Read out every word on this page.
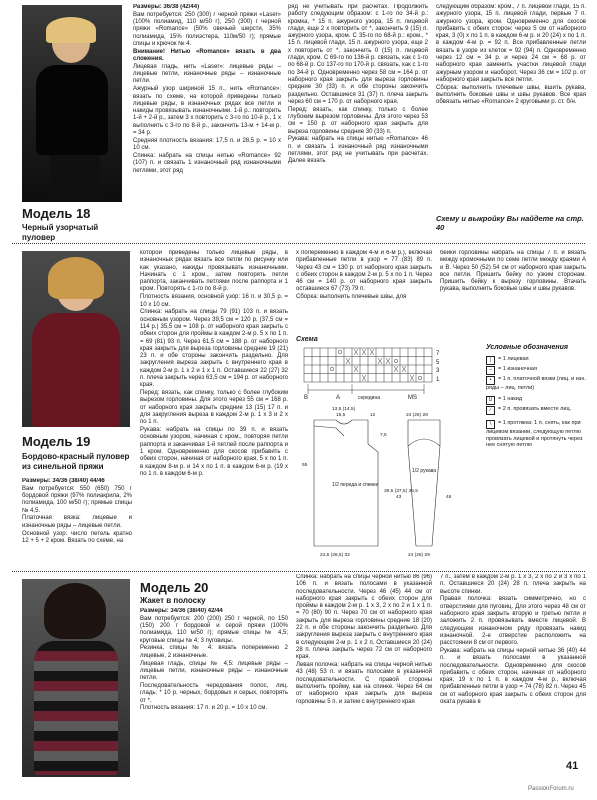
Модель 18
Черный узорчатый пуловер

Размеры: 36/38 (42/44)

Вам потребуется: 250 (300) г черной пряжи «Laser» (100% полиамид, 110 м/50 г), 250 (300) г черной пряжи «Romance» (50% овечьей шерсти, 35% полиамида, 15% полиэстера, 110м/50 г); прямые спицы и крючок № 4.

Внимание! Нитью «Romance» вязать в два сложения.

Лицевая гладь, нить «Laser»: лицевые ряды – лицевые петли, изнаночные ряды – изнаночные петли.

Ажурный узор шириной 15 п., нить «Romance»: вязать по схеме, на которой приведены только лицевые ряды, в изнаночных рядах все петли и накиды провязывать изнаночными. 1-й р.: повторить 1-й + 2-й р., затем 3 х повторить с 3-го по 10-й р., 1 х выполнить с 3-го по 8-й р., закончить 13-м + 14-м р. = 34 р.

Средняя плотность вязания: 17,5 п. и 28,5 р. = 10 х 10 см.

Спинка: набрать на спицы нитью «Romance» 92 (107) п. и связать 1 изнаночный ряд изнаночными петлями, этот ряд

ряд не учитывать при расчетах. Продолжить работу следующим образом: с 1-го по 34-й р.: кромка, * 15 п. ажурного узора, 15 п. лицевой глади, еще 2 х повторить от *, закончить 9 (15) п. ажурного узора, кром. С 35-го по 68-й р.: кром., * 15 п. лицевой глади, 15 п. ажурного узора, еще 2 х повторить от *, закончить 0 (15) п. лицевой глади, кром. С 69-го по 136-й р. связать, как с 1-го по 68-й р. Со 137-го по 170-й р. связать, как с 1-го по 34-й р. Одновременно через 58 см = 164 р. от наборного края закрыть для выреза горловины средние 30 (33) п. и обе стороны закончить раздельно. Оставшиеся 31 (37) п. плеча закрыть через 60 см = 170 р. от наборного края.

Перед: вязать, как спинку, только с более глубоким вырезом горловины. Для этого через 53 см = 150 р. от наборного края закрыть для выреза горловины средние 30 (33) п.

Рукава: набрать на спицы нитью «Romance» 46 п. и связать 1 изнаночный ряд изнаночными петлями, этот ряд не учитывать при расчетах. Далее вязать

следующим образом: кром., 7 п. лицевой глади, 15 п. ажурного узора, 15 п. лицевой глади, первые 7 п. ажурного узора, кром. Одновременно для скосов прибавить с обеих сторон: через 5 см от наборного края, 3 (0) х по 1 п. в каждом 6-м р. и 20 (24) х по 1 п. в каждом 4-м р. = 92 п. Все прибавленные петли вязать в узоре из клеток = 92 (94) п. Одновременно через 12 см = 34 р. и через 24 см = 68 р. от наборного края заменить участки лицевой глади ажурным узором и наоборот. Через 36 см = 102 р. от наборного края закрыть все петли.

Сборка: выполнить плечевые швы, вшить рукава, выполнить боковые швы и швы рукавов. Все края обвязать нитью «Romance» 2 круговыми р. ст. б/н.

Схему и выкройку Вы найдете на стр. 40
Модель 19
Бордово-красный пуловер из синельной пряжи

Размеры: 34/36 (38/40) 44/46

Вам потребуется: 550 (650) 750 г бордовой пряжи (97% полиакрила, 2% полиамида, 100 м/50 г); прямые спицы № 4,5.

Платочная вязка: лицевые и изнаночные ряды – лицевые петли.

Основной узор: число петель кратно 12 + 5 + 2 кром. Вязать по схеме, на

которой приведены только лицевые ряды, в изнаночных рядах вязать все петли по рисунку или как указано, накиды провязывать изнаночными. Начинать с 1 кром., затем повторять петли раппорта, заканчивать петлями после раппорта и 1 кром. Повторять с 1-го по 8-й р.

Плотность вязания, основной узор: 16 п. и 30,5 р. = 10 х 10 см.

Спинка: набрать на спицы 79 (91) 103 п. и вязать основным узором. Через 39,5 см = 120 р. (37,5 см = 114 р.) 35,5 см = 108 р. от наборного края закрыть с обеих сторон для проймы в каждом 2-м р. 5 х по 1 п. = 69 (81) 93 п. Через 61,5 см = 188 р. от наборного края закрыть для выреза горловины средние 19 (21) 23 п. и обе стороны закончить раздельно. Для закругления выреза закрыть с внутреннего края в каждом 2-м р. 1 х 2 и 1 х 1 п. Оставшиеся 22 (27) 32 п. плеча закрыть через 63,5 см = 194 р. от наборного края.

Перед: вязать, как спинку, только с более глубоким вырезом горловины. Для этого через 55 см = 168 р. от наборного края закрыть средние 13 (15) 17 п. и для закругления выреза в каждом 2-м р. 1 х 3 и 2 х по 1 п.

Рукава: набрать на спицы по 39 п. и вязать основным узором, начиная с кром., повторяя петли раппорта и заканчивая 1-й петлей после раппорта и 1 кром. Одновременно для скосов прибавить с обеих сторон, начиная от наборного края, 5 х по 1 п. в каждом 8-м р. и 14 х по 1 п. в каждом 6-м р. (19 х по 1 п. в каждом 6-м р.

х попеременно в каждом 4-м и 6-м р.), включая прибавленные петли в узор = 77 (83) 89 п. Через 43 см = 130 р. от наборного края закрыть с обеих сторон в каждом 2-м р. 5 х по 1 п. Через 46 см = 140 р. от наборного края закрыть оставшиеся 67 (73) 79 п.

Сборка: выполнить плечевые швы, для

бейки горловины набрать на спицы 7 п. и вязать между кромочными по семе петли между краями А и В. Через 50 (52) 54 см от наборного края закрыть все петли. Пришить бейку по узким сторонам. Пришить бейку к вырезу горловины. Втачать рукава, выполнить боковые швы и швы рукавов.

Схема
7
5
3
1
B	A	середина	MS
Условные обозначения
| = 1 лицевая
– = 1 изнаночная
• = 1 п. платочной вязки (лиц. и изн. ряды – лиц. петли)
U = 1 накид
∕ = 2 п. провязать вместе лиц.
∖ = 1 протяжка: 1 п. снять, как при лицевом вязании, следующую петлю провязать лицевой и протянуть через нее снятую петлю
13,5 (14,5)
15,5	12
7,5
55
39,5 (37,5) 35,5
43	46
24 (26) 28
24 (26) 28
24,5 (28,5) 32
1/2 переда и спинки
1/2 рукава
Модель 20
Жакет в полоску

Размеры: 34/36 (38/40) 42/44

Вам потребуется: 200 (200) 250 г черной, по 150 (150) 200 г бордовой и серой пряжи (100% полиамида, 110 м/50 г); прямые спицы № 4,5; круговые спицы № 4; 3 пуговицы.

Резинка, спицы № 4: вязать попеременно 2 лицевые, 2 изнаночные.

Лицевая гладь, спицы № 4,5: лицевые ряды – лицевые петли, изнаночные ряды – изнаночные петли.

Последовательность чередования полос, лиц. гладь: * 10 р. черных, бордовых и серых, повторять от *.

Плотность вязания: 17 п. и 20 р. = 10 х 10 см.

Спинка: набрать на спицы черной нитью 86 (96) 106 п. и вязать полосами в указанной последовательности. Через 46 (45) 44 см от наборного края закрыть с обеих сторон для проймы в каждом 2-м р. 1 х 3, 2 х по 2 и 1 х 1 п. = 70 (80) 90 п. Через 70 см от наборного края закрыть для выреза горловины средние 18 (20) 22 п. и обе стороны закончить раздельно. Для закругления выреза закрыть с внутреннего края в следующем 2-м р. 1 х 2 п. Оставшиеся 20 (24) 28 п. плеча закрыть через 72 см от наборного края.

Левая полочка: набрать на спицы черной нитью 43 (48) 53 п. и вязать полосами в указанной последовательности. С правой стороны выполнить пройму, как на спинке. Через 64 см от наборного края закрыть для выреза горловины 5 п. и затем с внутреннего края

7 п., затем в каждом 2-м р. 1 х 3, 2 х по 2 и 3 х по 1 п. Оставшиеся 20 (24) 28 п. плеча закрыть на высоте спинки.

Правая полочка: вязать симметрично, но с отверстиями для пуговиц. Для этого через 48 см от наборного края закрыть вторую и третью петли и заложить 2 п. провязывать вместе лицевой. В следующем изнаночном ряду провязать накид изнаночной. 2-е отверстие расположить на расстоянии 8 см от первого.

Рукава: набрать на спицы черной нитью 36 (40) 44 п. и вязать полосами в указанной последовательности. Одновременно для скосов прибавить с обеих сторон, начиная от наборного края, 19 х по 1 п. в каждом 4-м р., включая прибавленные петли в узор = 74 (78) 82 п. Через 45 см от наборного края закрыть с обеих сторон для оката рукава в

41
PassionForum.ru
